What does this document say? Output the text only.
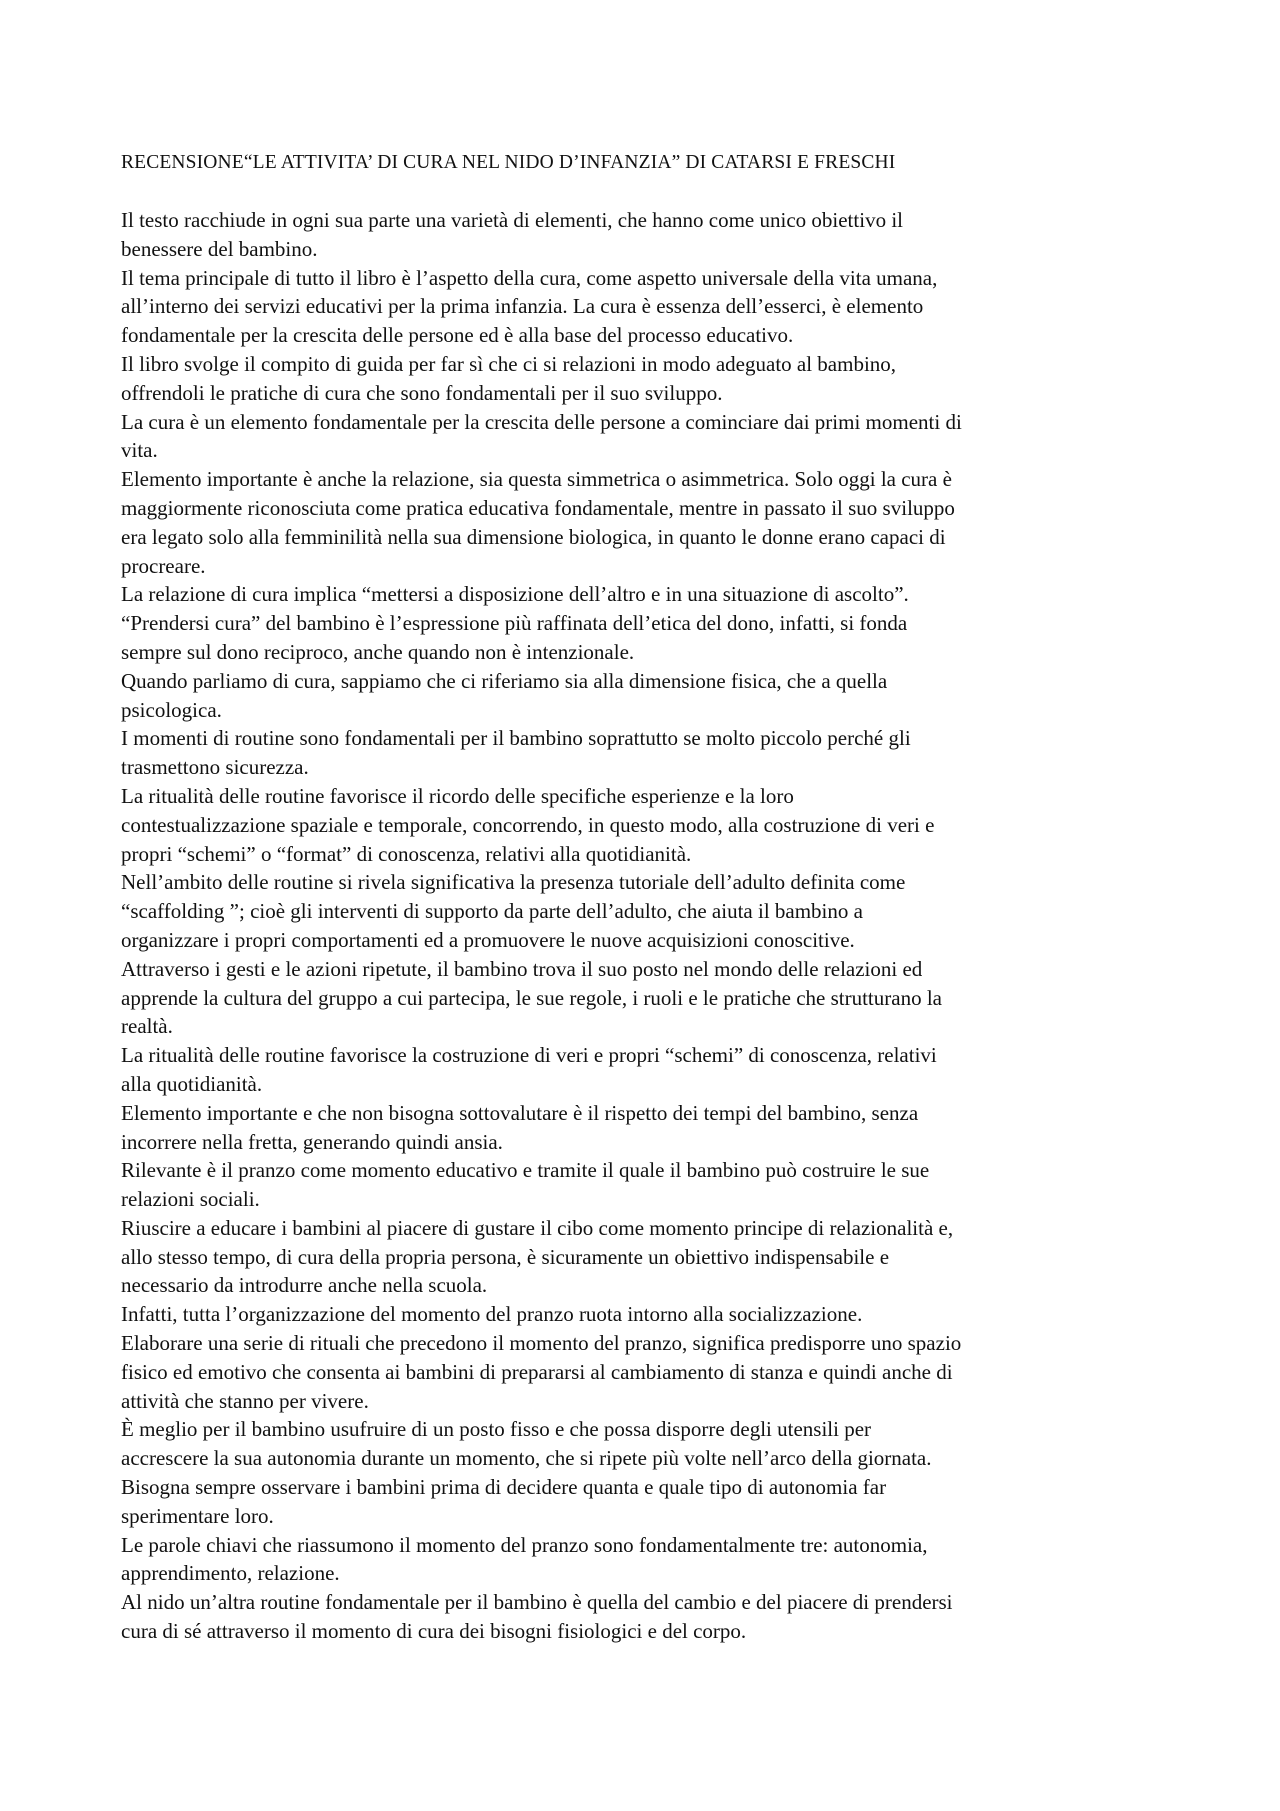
RECENSIONE“LE ATTIVITA’ DI CURA NEL NIDO D’INFANZIA” DI CATARSI E FRESCHI
Il testo racchiude in ogni sua parte una varietà di elementi, che hanno come unico obiettivo il
benessere del bambino.
Il tema principale di tutto il libro è l’aspetto della cura, come aspetto universale della vita umana,
all’interno dei servizi educativi per la prima infanzia. La cura è essenza dell’esserci, è elemento
fondamentale per la crescita delle persone ed è alla base del processo educativo.
Il libro svolge il compito di guida per far sì che ci si relazioni in modo adeguato al bambino,
offrendoli le pratiche di cura che sono fondamentali per il suo sviluppo.
La cura è un elemento fondamentale per la crescita delle persone a cominciare dai primi momenti di
vita.
Elemento importante è anche la relazione, sia questa simmetrica o asimmetrica. Solo oggi la cura è
maggiormente riconosciuta come pratica educativa fondamentale, mentre in passato il suo sviluppo
era legato solo alla femminilità nella sua dimensione biologica, in quanto le donne erano capaci di
procreare.
La relazione di cura implica “mettersi a disposizione dell’altro e in una situazione di ascolto”.
“Prendersi cura” del bambino è l’espressione più raffinata dell’etica del dono, infatti, si fonda
sempre sul dono reciproco, anche quando non è intenzionale.
Quando parliamo di cura, sappiamo che ci riferiamo sia alla dimensione fisica, che a quella
psicologica.
I momenti di routine sono fondamentali per il bambino soprattutto se molto piccolo perché gli
trasmettono sicurezza.
La ritualità delle routine favorisce il ricordo delle specifiche esperienze e la loro
contestualizzazione spaziale e temporale, concorrendo, in questo modo, alla costruzione di veri e
propri “schemi” o “format” di conoscenza, relativi alla quotidianità.
Nell’ambito delle routine si rivela significativa la presenza tutoriale dell’adulto definita come
“scaffolding ”; cioè gli interventi di supporto da parte dell’adulto, che aiuta il bambino a
organizzare i propri comportamenti ed a promuovere le nuove acquisizioni conoscitive.
Attraverso i gesti e le azioni ripetute, il bambino trova il suo posto nel mondo delle relazioni ed
apprende la cultura del gruppo a cui partecipa, le sue regole, i ruoli e le pratiche che strutturano la
realtà.
La ritualità delle routine favorisce la costruzione di veri e propri “schemi” di conoscenza, relativi
alla quotidianità.
Elemento importante e che non bisogna sottovalutare è il rispetto dei tempi del bambino, senza
incorrere nella fretta, generando quindi ansia.
Rilevante è il pranzo come momento educativo e tramite il quale il bambino può costruire le sue
relazioni sociali.
Riuscire a educare i bambini al piacere di gustare il cibo come momento principe di relazionalità e,
allo stesso tempo, di cura della propria persona, è sicuramente un obiettivo indispensabile e
necessario da introdurre anche nella scuola.
Infatti, tutta l’organizzazione del momento del pranzo ruota intorno alla socializzazione.
Elaborare una serie di rituali che precedono il momento del pranzo, significa predisporre uno spazio
fisico ed emotivo che consenta ai bambini di prepararsi al cambiamento di stanza e quindi anche di
attività che stanno per vivere.
È meglio per il bambino usufruire di un posto fisso e che possa disporre degli utensili per
accrescere la sua autonomia durante un momento, che si ripete più volte nell’arco della giornata.
Bisogna sempre osservare i bambini prima di decidere quanta e quale tipo di autonomia far
sperimentare loro.
Le parole chiavi che riassumono il momento del pranzo sono fondamentalmente tre: autonomia,
apprendimento, relazione.
Al nido un’altra routine fondamentale per il bambino è quella del cambio e del piacere di prendersi
cura di sé attraverso il momento di cura dei bisogni fisiologici e del corpo.
